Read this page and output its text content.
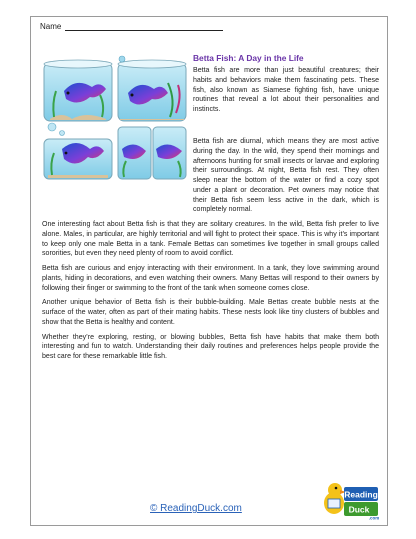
Name
Betta Fish: A Day in the Life

Betta fish are more than just beautiful creatures; their habits and behaviors make them fascinating pets. These fish, also known as Siamese fighting fish, have unique routines that reveal a lot about their personalities and instincts.

Betta fish are diurnal, which means they are most active during the day. In the wild, they spend their mornings and afternoons hunting for small insects or larvae and exploring their surroundings. At night, Betta fish rest. They often sleep near the bottom of the water or find a cozy spot under a plant or decoration. Pet owners may notice that their Betta fish seem less active in the dark, which is completely normal.

One interesting fact about Betta fish is that they are solitary creatures. In the wild, Betta fish prefer to live alone. Males, in particular, are highly territorial and will fight to protect their space. This is why it’s important to keep only one male Betta in a tank. Female Bettas can sometimes live together in small groups called sororities, but even they need plenty of room to avoid conflict.

Betta fish are curious and enjoy interacting with their environment. In a tank, they love swimming around plants, hiding in decorations, and even watching their owners. Many Bettas will respond to their owners by following their finger or swimming to the front of the tank when someone comes close.

Another unique behavior of Betta fish is their bubble-building. Male Bettas create bubble nests at the surface of the water, often as part of their mating habits. These nests look like tiny clusters of bubbles and show that the Betta is healthy and content.

Whether they’re exploring, resting, or blowing bubbles, Betta fish have habits that make them both interesting and fun to watch. Understanding their daily routines and preferences helps people provide the best care for these remarkable little fish.

© ReadingDuck.com
Reading
Duck
.com
